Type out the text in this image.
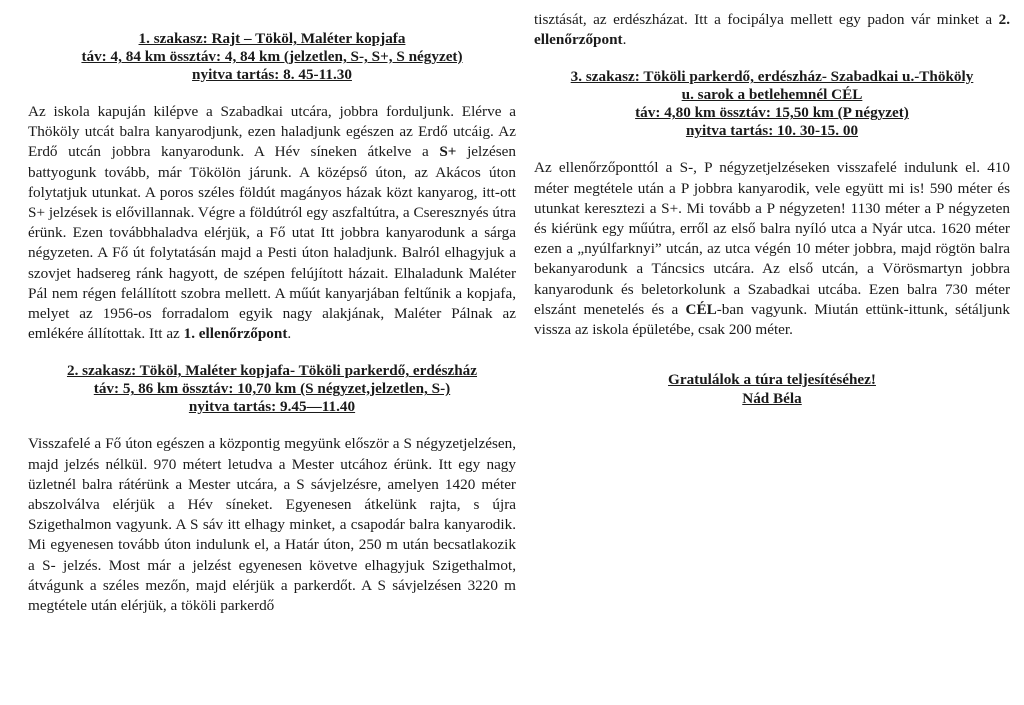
1. szakasz: Rajt – Tököl, Maléter kopjafa
táv: 4, 84 km össztáv: 4, 84 km (jelzetlen, S-, S+, S négyzet)
nyitva tartás: 8. 45-11.30

Az iskola kapuján kilépve a Szabadkai utcára, jobbra forduljunk. Elérve a Thököly utcát balra kanyarodjunk, ezen haladjunk egészen az Erdő utcáig. Az Erdő utcán jobbra kanyarodunk. A Hév síneken átkelve a S+ jelzésen battyogunk tovább, már Tökölön járunk. A középső úton, az Akácos úton folytatjuk utunkat. A poros széles földút magányos házak közt kanyarog, itt-ott S+ jelzések is elővillannak. Végre a földútról egy aszfaltútra, a Cseresznyés útra érünk. Ezen továbbhaladva elérjük, a Fő utat Itt jobbra kanyarodunk a sárga négyzeten. A Fő út folytatásán majd a Pesti úton haladjunk. Balról elhagyjuk a szovjet hadsereg ránk hagyott, de szépen felújított házait. Elhaladunk Maléter Pál nem régen felállított szobra mellett. A műút kanyarjában feltűnik a kopjafa, melyet az 1956-os forradalom egyik nagy alakjának, Maléter Pálnak az emlékére állítottak. Itt az 1. ellenőrzőpont.

2. szakasz: Tököl, Maléter kopjafa- Tököli parkerdő, erdészház
táv: 5, 86 km össztáv: 10,70 km (S négyzet,jelzetlen, S-)
nyitva tartás: 9.45—11.40

Visszafelé a Fő úton egészen a központig megyünk először a S négyzetjelzésen, majd jelzés nélkül. 970 métert letudva a Mester utcához érünk. Itt egy nagy üzletnél balra rátérünk a Mester utcára, a S sávjelzésre, amelyen 1420 méter abszolválva elérjük a Hév síneket. Egyenesen átkelünk rajta, s újra Szigethalmon vagyunk. A S sáv itt elhagy minket, a csapodár balra kanyarodik. Mi egyenesen tovább úton indulunk el, a Határ úton, 250 m után becsatlakozik a S- jelzés. Most már a jelzést egyenesen követve elhagyjuk Szigethalmot, átvágunk a széles mezőn, majd elérjük a parkerdőt. A S sávjelzésen 3220 m megtétele után elérjük, a tököli parkerdő

tisztását, az erdészházat. Itt a focipálya mellett egy padon vár minket a 2. ellenőrzőpont.

3. szakasz: Tököli parkerdő, erdészház- Szabadkai u.-Thököly
u. sarok a betlehemnél CÉL
táv: 4,80 km össztáv: 15,50 km (P négyzet)
nyitva tartás: 10. 30-15. 00

Az ellenőrzőponttól a S-, P négyzetjelzéseken visszafelé indulunk el. 410 méter megtétele után a P jobbra kanyarodik, vele együtt mi is! 590 méter és utunkat keresztezi a S+. Mi tovább a P négyzeten! 1130 méter a P négyzeten és kiérünk egy műútra, erről az első balra nyíló utca a Nyár utca. 1620 méter ezen a „nyúlfarknyi” utcán, az utca végén 10 méter jobbra, majd rögtön balra bekanyarodunk a Táncsics utcára. Az első utcán, a Vörösmartyn jobbra kanyarodunk és beletorkolunk a Szabadkai utcába. Ezen balra 730 méter elszánt menetelés és a CÉL-ban vagyunk. Miután ettünk-ittunk, sétáljunk vissza az iskola épületébe, csak 200 méter.

Gratulálok a túra teljesítéséhez!
Nád Béla
